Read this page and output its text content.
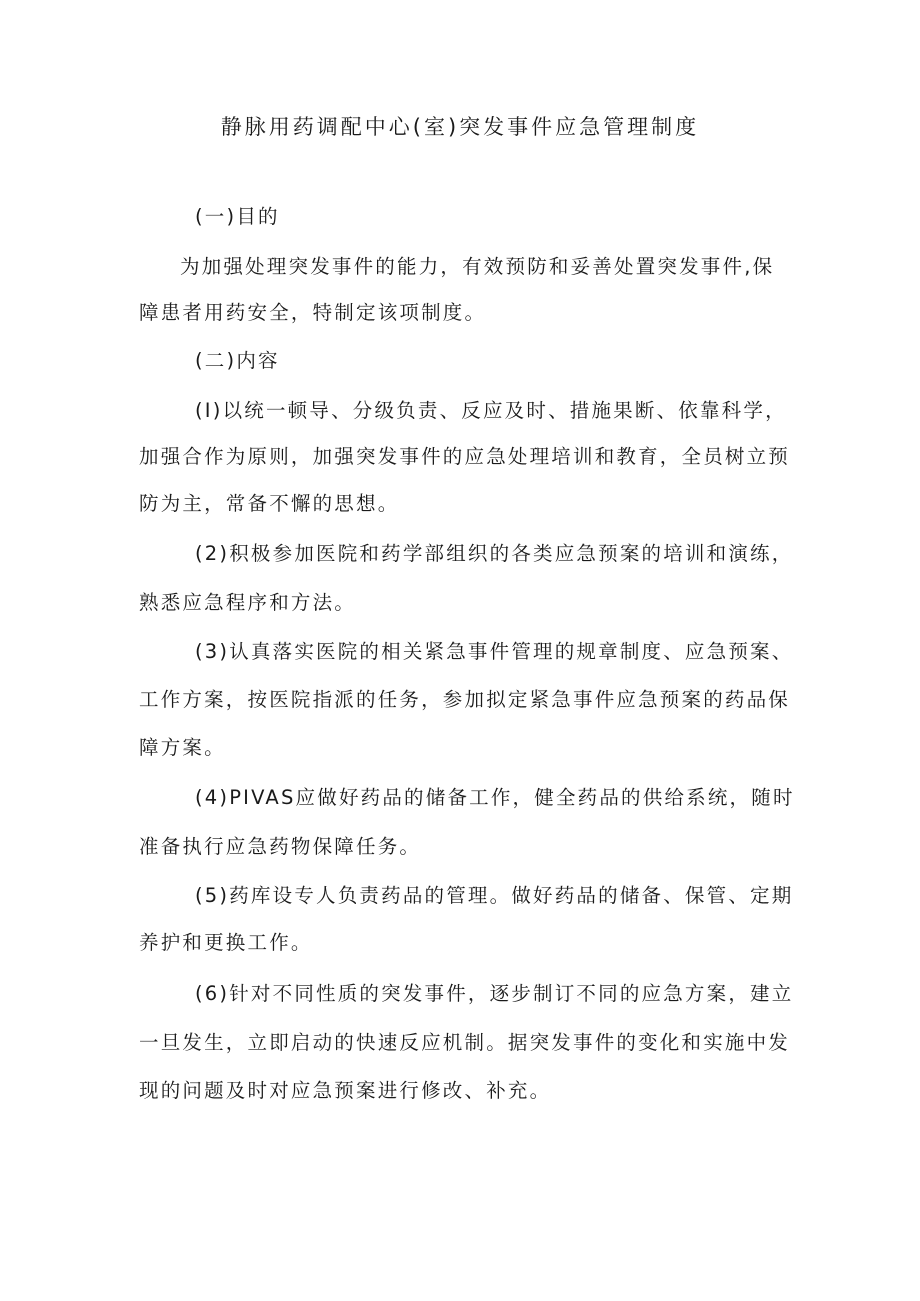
静脉用药调配中心(室)突发事件应急管理制度
(一)目的
为加强处理突发事件的能力，有效预防和妥善处置突发事件,保
障患者用药安全，特制定该项制度。
(二)内容
(I)以统一顿导、分级负责、反应及时、措施果断、依靠科学，
加强合作为原则，加强突发事件的应急处理培训和教育，全员树立预
防为主，常备不懈的思想。
(2)积极参加医院和药学部组织的各类应急预案的培训和演练，
熟悉应急程序和方法。
(3)认真落实医院的相关紧急事件管理的规章制度、应急预案、
工作方案，按医院指派的任务，参加拟定紧急事件应急预案的药品保
障方案。
(4)PIVAS应做好药品的储备工作，健全药品的供给系统，随时
准备执行应急药物保障任务。
(5)药库设专人负责药品的管理。做好药品的储备、保管、定期
养护和更换工作。
(6)针对不同性质的突发事件，逐步制订不同的应急方案，建立
一旦发生，立即启动的快速反应机制。据突发事件的变化和实施中发
现的问题及时对应急预案进行修改、补充。
